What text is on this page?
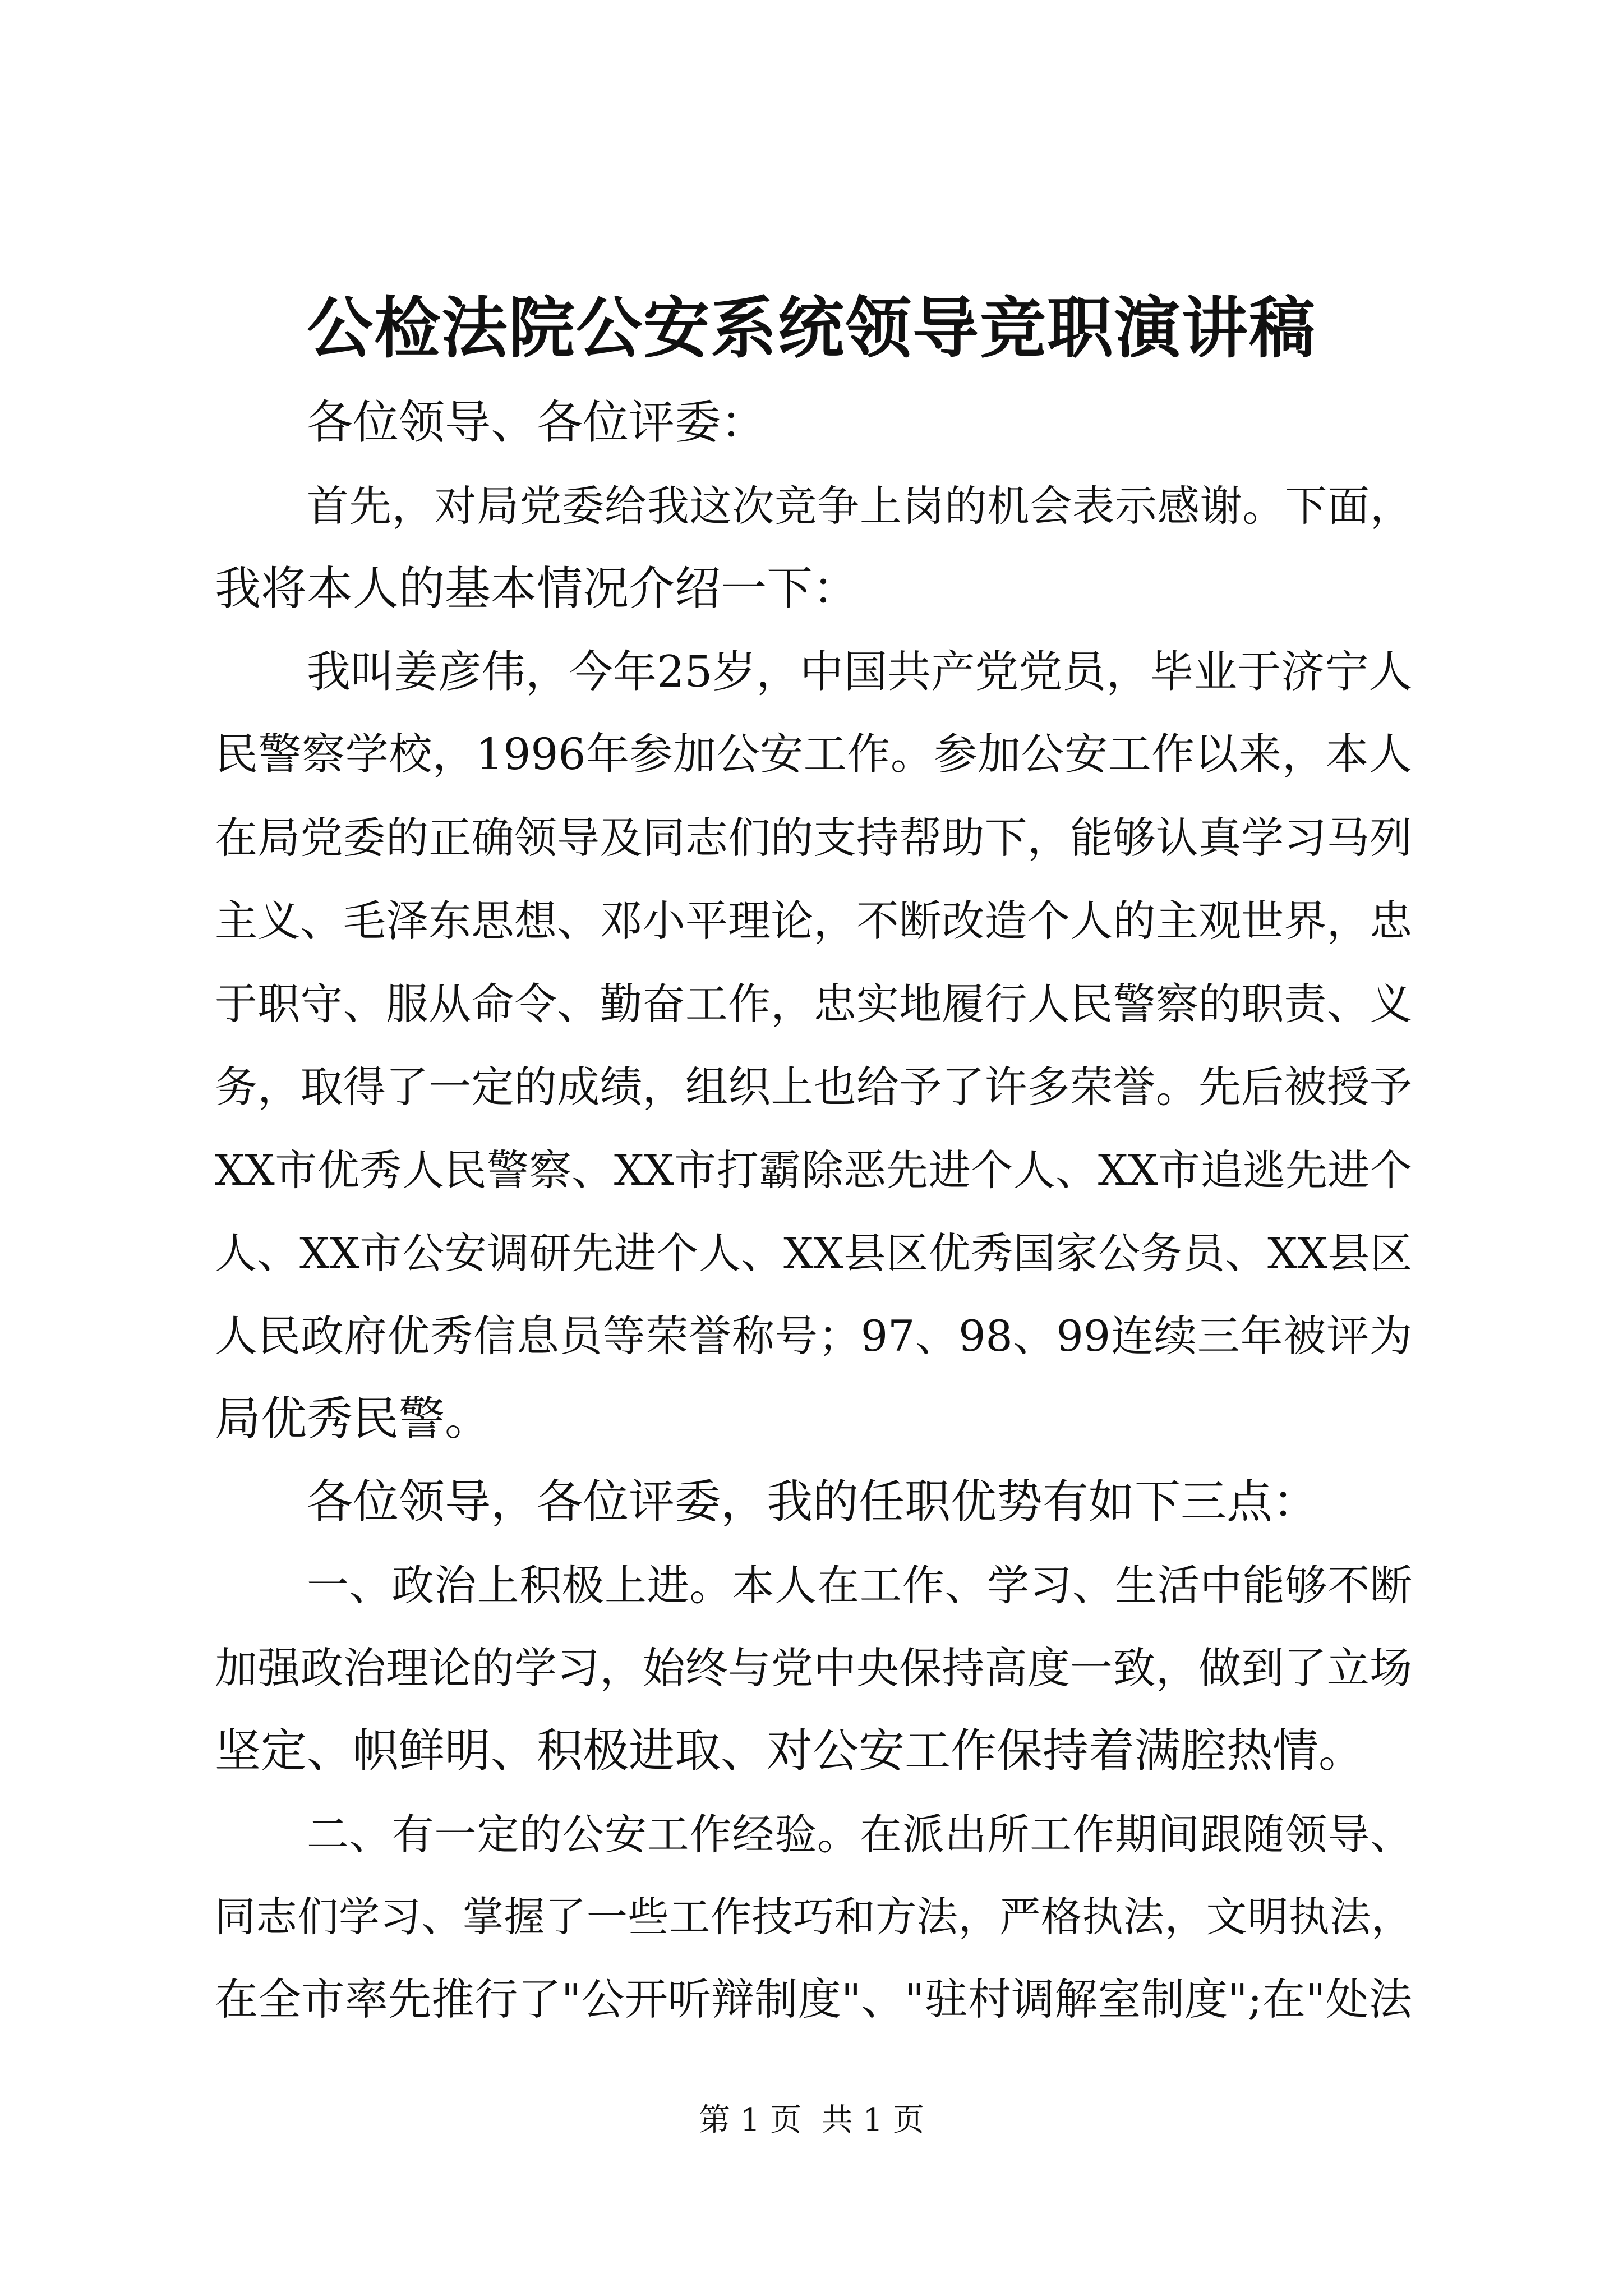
公检法院公安系统领导竞职演讲稿
各位领导、各位评委：
首先，对局党委给我这次竞争上岗的机会表示感谢。下面，
我将本人的基本情况介绍一下：
我叫姜彦伟，今年25岁，中国共产党党员，毕业于济宁人
民警察学校，1996年参加公安工作。参加公安工作以来，本人
在局党委的正确领导及同志们的支持帮助下，能够认真学习马列
主义、毛泽东思想、邓小平理论，不断改造个人的主观世界，忠
于职守、服从命令、勤奋工作，忠实地履行人民警察的职责、义
务，取得了一定的成绩，组织上也给予了许多荣誉。先后被授予
XX市优秀人民警察、XX市打霸除恶先进个人、XX市追逃先进个
人、XX市公安调研先进个人、XX县区优秀国家公务员、XX县区
人民政府优秀信息员等荣誉称号；97、98、99连续三年被评为
局优秀民警。
各位领导，各位评委，我的任职优势有如下三点：
一、政治上积极上进。本人在工作、学习、生活中能够不断
加强政治理论的学习，始终与党中央保持高度一致，做到了立场
坚定、帜鲜明、积极进取、对公安工作保持着满腔热情。
二、有一定的公安工作经验。在派出所工作期间跟随领导、
同志们学习、掌握了一些工作技巧和方法，严格执法，文明执法，
在全市率先推行了"公开听辩制度"、"驻村调解室制度";在"处法
第 1 页  共 1 页
